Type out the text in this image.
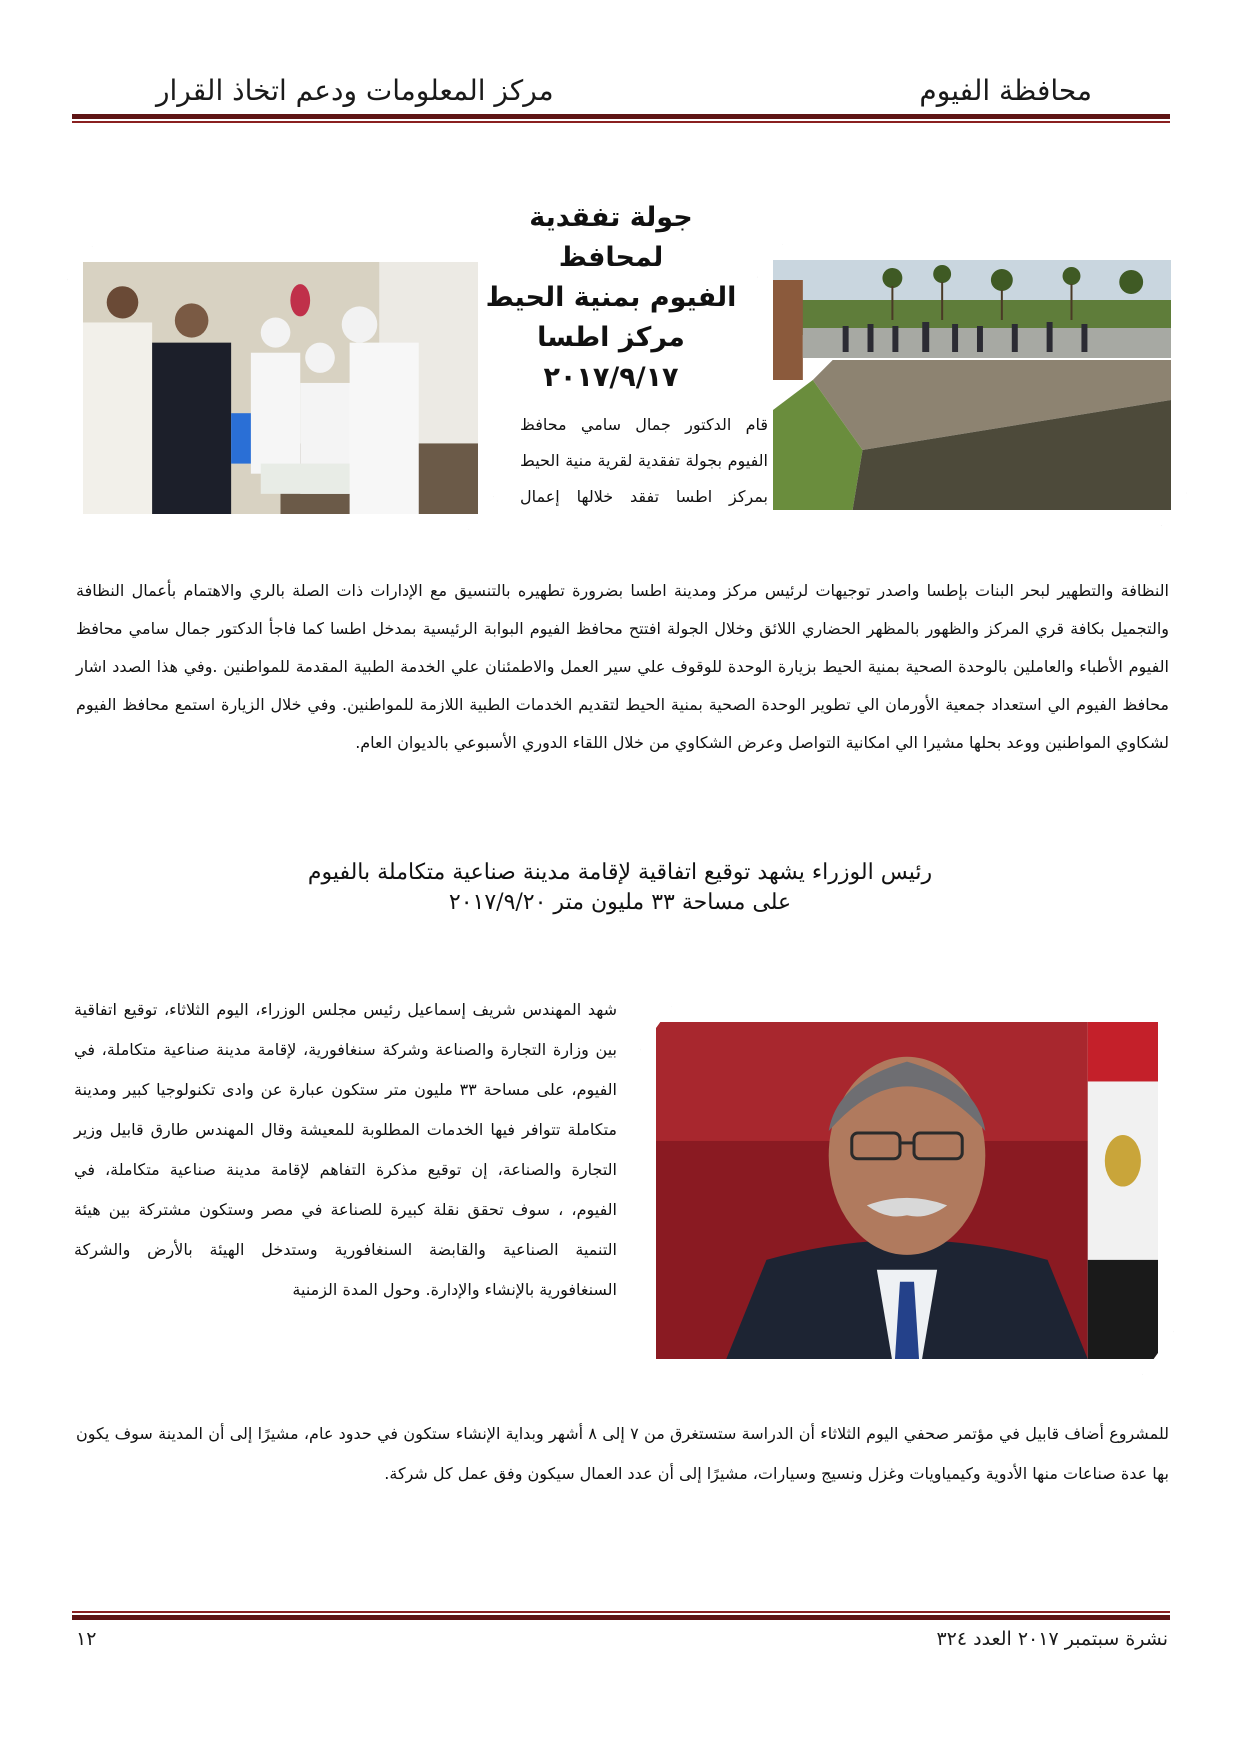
محافظة الفيوم
مركز المعلومات ودعم اتخاذ القرار
جولة تفقدية لمحافظ
الفيوم بمنية الحيط
مركز اطسا
٢٠١٧/٩/١٧
قام الدكتور جمال سامي محافظ الفيوم بجولة تفقدية لقرية منية الحيط بمركز اطسا تفقد خلالها إعمال
النظافة والتطهير لبحر البنات بإطسا واصدر توجيهات لرئيس مركز ومدينة اطسا بضرورة تطهيره بالتنسيق مع الإدارات ذات الصلة بالري والاهتمام بأعمال النظافة والتجميل بكافة قري المركز والظهور بالمظهر الحضاري اللائق وخلال الجولة افتتح محافظ الفيوم البوابة الرئيسية بمدخل اطسا كما فاجأ الدكتور جمال سامي محافظ الفيوم الأطباء والعاملين بالوحدة الصحية بمنية الحيط بزيارة الوحدة للوقوف علي سير العمل والاطمئنان علي الخدمة الطبية المقدمة للمواطنين .وفي هذا الصدد اشار محافظ الفيوم الي استعداد جمعية الأورمان الي تطوير الوحدة الصحية بمنية الحيط لتقديم الخدمات الطبية اللازمة للمواطنين. وفي خلال الزيارة استمع محافظ الفيوم لشكاوي المواطنين ووعد بحلها مشيرا الي امكانية التواصل وعرض الشكاوي من خلال اللقاء الدوري الأسبوعي بالديوان العام.
رئيس الوزراء يشهد توقيع اتفاقية لإقامة مدينة صناعية متكاملة بالفيوم
على مساحة ٣٣ مليون متر ٢٠١٧/٩/٢٠
شهد المهندس شريف إسماعيل رئيس مجلس الوزراء، اليوم الثلاثاء، توقيع اتفاقية بين وزارة التجارة والصناعة وشركة سنغافورية، لإقامة مدينة صناعية متكاملة، في الفيوم، على مساحة ٣٣ مليون متر ستكون عبارة عن وادى تكنولوجيا كبير ومدينة متكاملة تتوافر فيها الخدمات المطلوبة للمعيشة وقال المهندس طارق قابيل وزير التجارة والصناعة، إن توقيع مذكرة التفاهم لإقامة مدينة صناعية متكاملة، في الفيوم، ، سوف تحقق نقلة كبيرة للصناعة في مصر وستكون مشتركة بين هيئة التنمية الصناعية والقابضة السنغافورية وستدخل الهيئة بالأرض والشركة السنغافورية بالإنشاء والإدارة. وحول المدة الزمنية
للمشروع أضاف قابيل في مؤتمر صحفي اليوم الثلاثاء أن الدراسة ستستغرق من ٧ إلى ٨ أشهر وبداية الإنشاء ستكون في حدود عام، مشيرًا إلى أن المدينة سوف يكون بها عدة صناعات منها الأدوية وكيمياويات وغزل ونسيج وسيارات، مشيرًا إلى أن عدد العمال سيكون وفق عمل كل شركة.
نشرة سبتمبر ٢٠١٧ العدد ٣٢٤
١٢
